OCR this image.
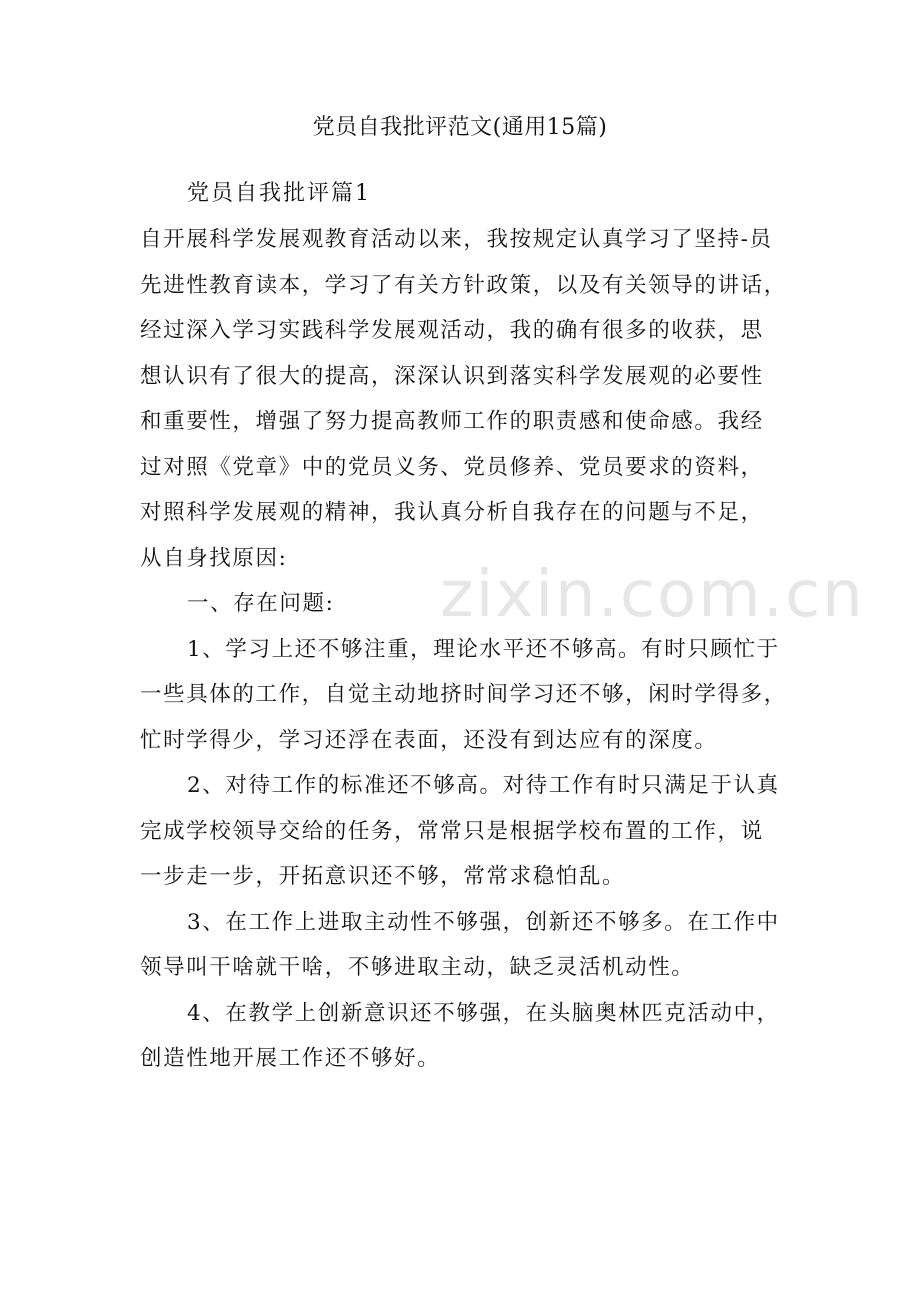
zixin.com.cn
党员自我批评范文(通用15篇)
党员自我批评篇1
自开展科学发展观教育活动以来，我按规定认真学习了坚持-员
先进性教育读本，学习了有关方针政策，以及有关领导的讲话，
经过深入学习实践科学发展观活动，我的确有很多的收获，思
想认识有了很大的提高，深深认识到落实科学发展观的必要性
和重要性，增强了努力提高教师工作的职责感和使命感。我经
过对照《党章》中的党员义务、党员修养、党员要求的资料，
对照科学发展观的精神，我认真分析自我存在的问题与不足，
从自身找原因:
一、存在问题:
1、学习上还不够注重，理论水平还不够高。有时只顾忙于
一些具体的工作，自觉主动地挤时间学习还不够，闲时学得多，
忙时学得少，学习还浮在表面，还没有到达应有的深度。
2、对待工作的标准还不够高。对待工作有时只满足于认真
完成学校领导交给的任务，常常只是根据学校布置的工作，说
一步走一步，开拓意识还不够，常常求稳怕乱。
3、在工作上进取主动性不够强，创新还不够多。在工作中
领导叫干啥就干啥，不够进取主动，缺乏灵活机动性。
4、在教学上创新意识还不够强，在头脑奥林匹克活动中，
创造性地开展工作还不够好。
